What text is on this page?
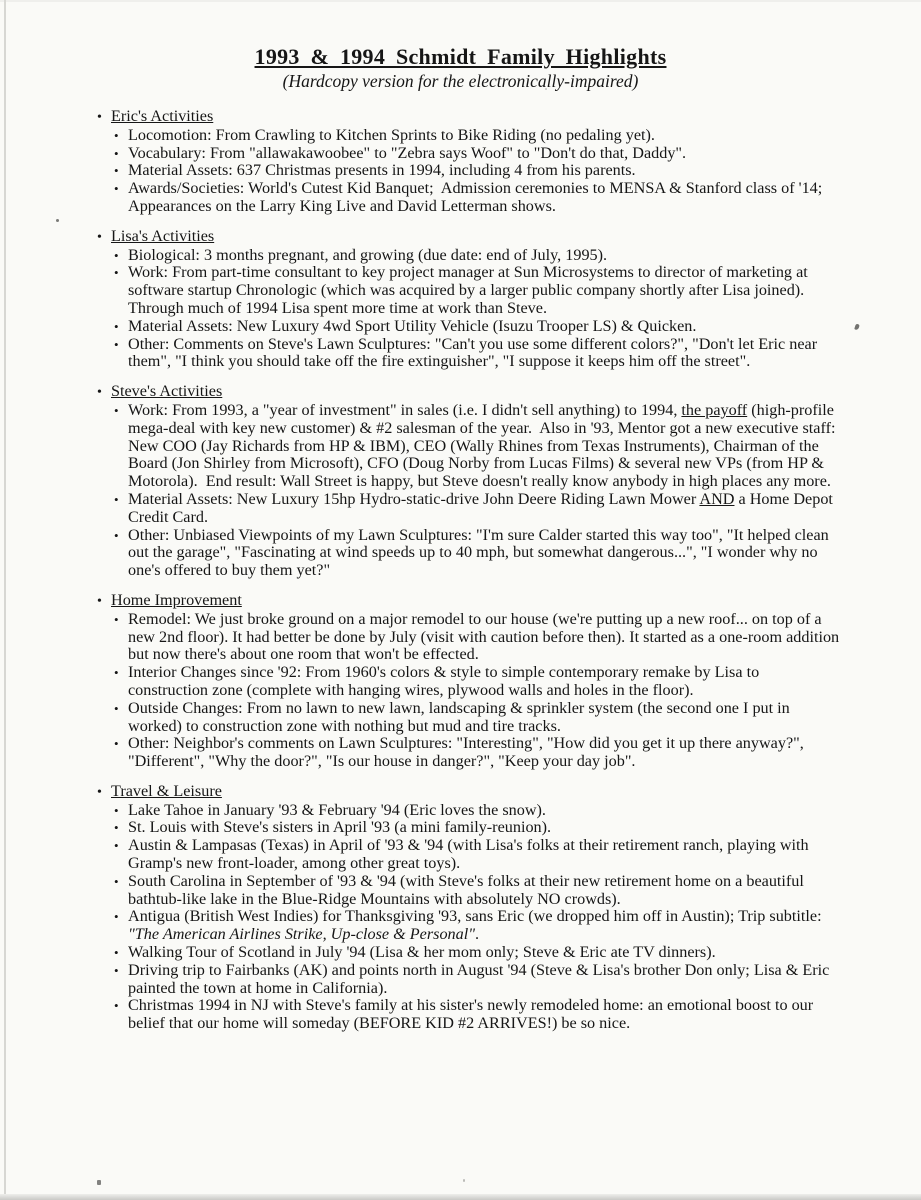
1993 & 1994 Schmidt Family Highlights
(Hardcopy version for the electronically-impaired)
• Eric's Activities
• Locomotion: From Crawling to Kitchen Sprints to Bike Riding (no pedaling yet).
• Vocabulary: From "allawakawoobee" to "Zebra says Woof" to "Don't do that, Daddy".
• Material Assets: 637 Christmas presents in 1994, including 4 from his parents.
• Awards/Societies: World's Cutest Kid Banquet;  Admission ceremonies to MENSA & Stanford class of '14;  Appearances on the Larry King Live and David Letterman shows.
• Lisa's Activities
• Biological: 3 months pregnant, and growing (due date: end of July, 1995).
• Work: From part-time consultant to key project manager at Sun Microsystems to director of marketing at software startup Chronologic (which was acquired by a larger public company shortly after Lisa joined). Through much of 1994 Lisa spent more time at work than Steve.
• Material Assets: New Luxury 4wd Sport Utility Vehicle (Isuzu Trooper LS) & Quicken.
• Other: Comments on Steve's Lawn Sculptures: "Can't you use some different colors?", "Don't let Eric near them", "I think you should take off the fire extinguisher", "I suppose it keeps him off the street".
• Steve's Activities
• Work: From 1993, a "year of investment" in sales (i.e. I didn't sell anything) to 1994, the payoff (high-profile mega-deal with key new customer) & #2 salesman of the year.  Also in '93, Mentor got a new executive staff: New COO (Jay Richards from HP & IBM), CEO (Wally Rhines from Texas Instruments), Chairman of the Board (Jon Shirley from Microsoft), CFO (Doug Norby from Lucas Films) & several new VPs (from HP & Motorola).  End result: Wall Street is happy, but Steve doesn't really know anybody in high places any more.
• Material Assets: New Luxury 15hp Hydro-static-drive John Deere Riding Lawn Mower AND a Home Depot Credit Card.
• Other: Unbiased Viewpoints of my Lawn Sculptures: "I'm sure Calder started this way too", "It helped clean out the garage", "Fascinating at wind speeds up to 40 mph, but somewhat dangerous...", "I wonder why no one's offered to buy them yet?"
• Home Improvement
• Remodel: We just broke ground on a major remodel to our house (we're putting up a new roof... on top of a new 2nd floor). It had better be done by July (visit with caution before then). It started as a one-room addition but now there's about one room that won't be effected.
• Interior Changes since '92: From 1960's colors & style to simple contemporary remake by Lisa to construction zone (complete with hanging wires, plywood walls and holes in the floor).
• Outside Changes: From no lawn to new lawn, landscaping & sprinkler system (the second one I put in worked) to construction zone with nothing but mud and tire tracks.
• Other: Neighbor's comments on Lawn Sculptures: "Interesting", "How did you get it up there anyway?", "Different", "Why the door?", "Is our house in danger?", "Keep your day job".
• Travel & Leisure
• Lake Tahoe in January '93 & February '94 (Eric loves the snow).
• St. Louis with Steve's sisters in April '93 (a mini family-reunion).
• Austin & Lampasas (Texas) in April of '93 & '94 (with Lisa's folks at their retirement ranch, playing with Gramp's new front-loader, among other great toys).
• South Carolina in September of '93 & '94 (with Steve's folks at their new retirement home on a beautiful bathtub-like lake in the Blue-Ridge Mountains with absolutely NO crowds).
• Antigua (British West Indies) for Thanksgiving '93, sans Eric (we dropped him off in Austin); Trip subtitle: "The American Airlines Strike, Up-close & Personal".
• Walking Tour of Scotland in July '94 (Lisa & her mom only; Steve & Eric ate TV dinners).
• Driving trip to Fairbanks (AK) and points north in August '94 (Steve & Lisa's brother Don only; Lisa & Eric painted the town at home in California).
• Christmas 1994 in NJ with Steve's family at his sister's newly remodeled home: an emotional boost to our belief that our home will someday (BEFORE KID #2 ARRIVES!) be so nice.
